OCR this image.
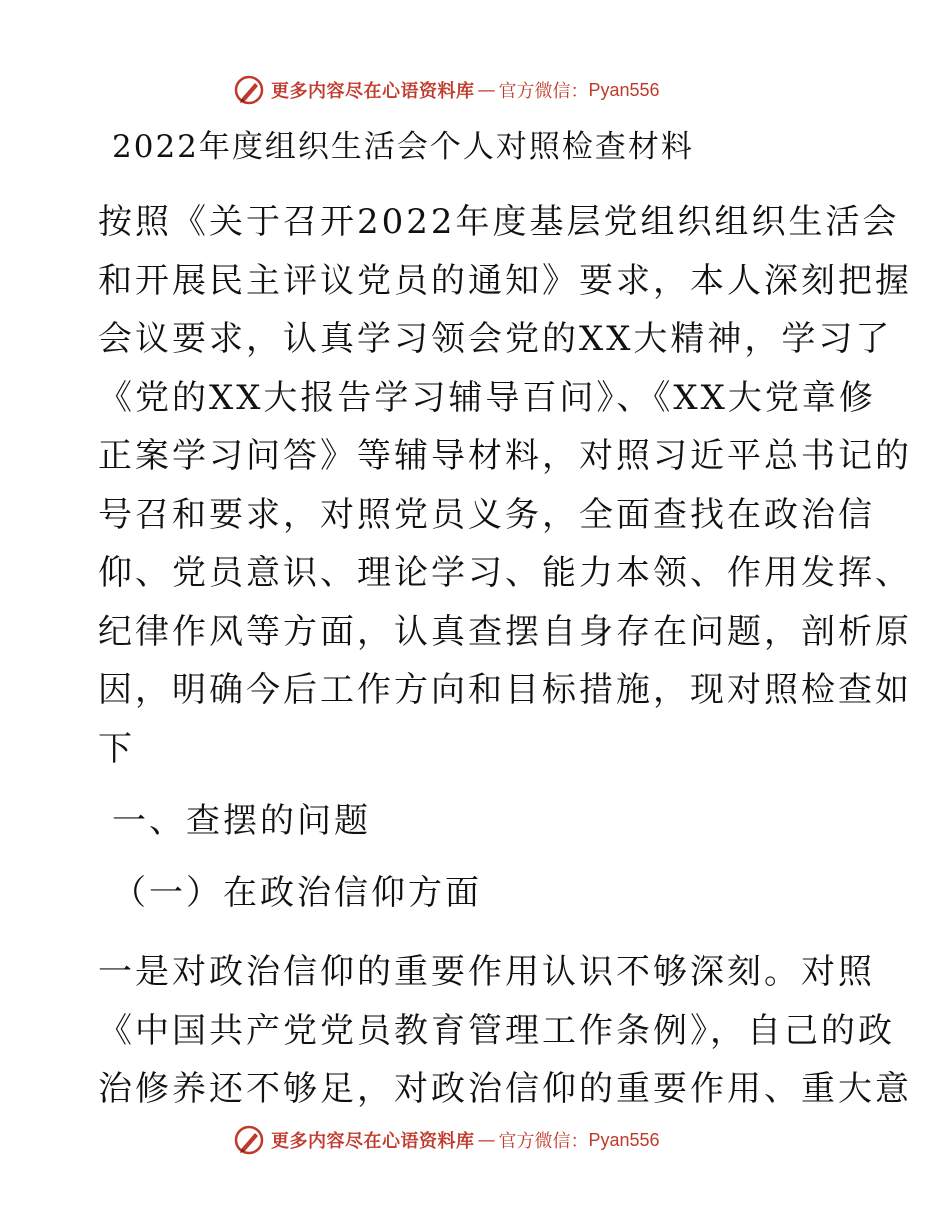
更多内容尽在心语资料库 — 官方微信： Pyan556
2022年度组织生活会个人对照检查材料
按照《关于召开2022年度基层党组织组织生活会
和开展民主评议党员的通知》要求，本人深刻把握
会议要求，认真学习领会党的XX大精神，学习了
《党的XX大报告学习辅导百问》、《XX大党章修
正案学习问答》等辅导材料，对照习近平总书记的
号召和要求，对照党员义务，全面查找在政治信
仰、党员意识、理论学习、能力本领、作用发挥、
纪律作风等方面，认真查摆自身存在问题，剖析原
因，明确今后工作方向和目标措施，现对照检查如
下
一、查摆的问题
（一）在政治信仰方面
一是对政治信仰的重要作用认识不够深刻。对照
《中国共产党党员教育管理工作条例》，自己的政
治修养还不够足，对政治信仰的重要作用、重大意
更多内容尽在心语资料库 — 官方微信： Pyan556
